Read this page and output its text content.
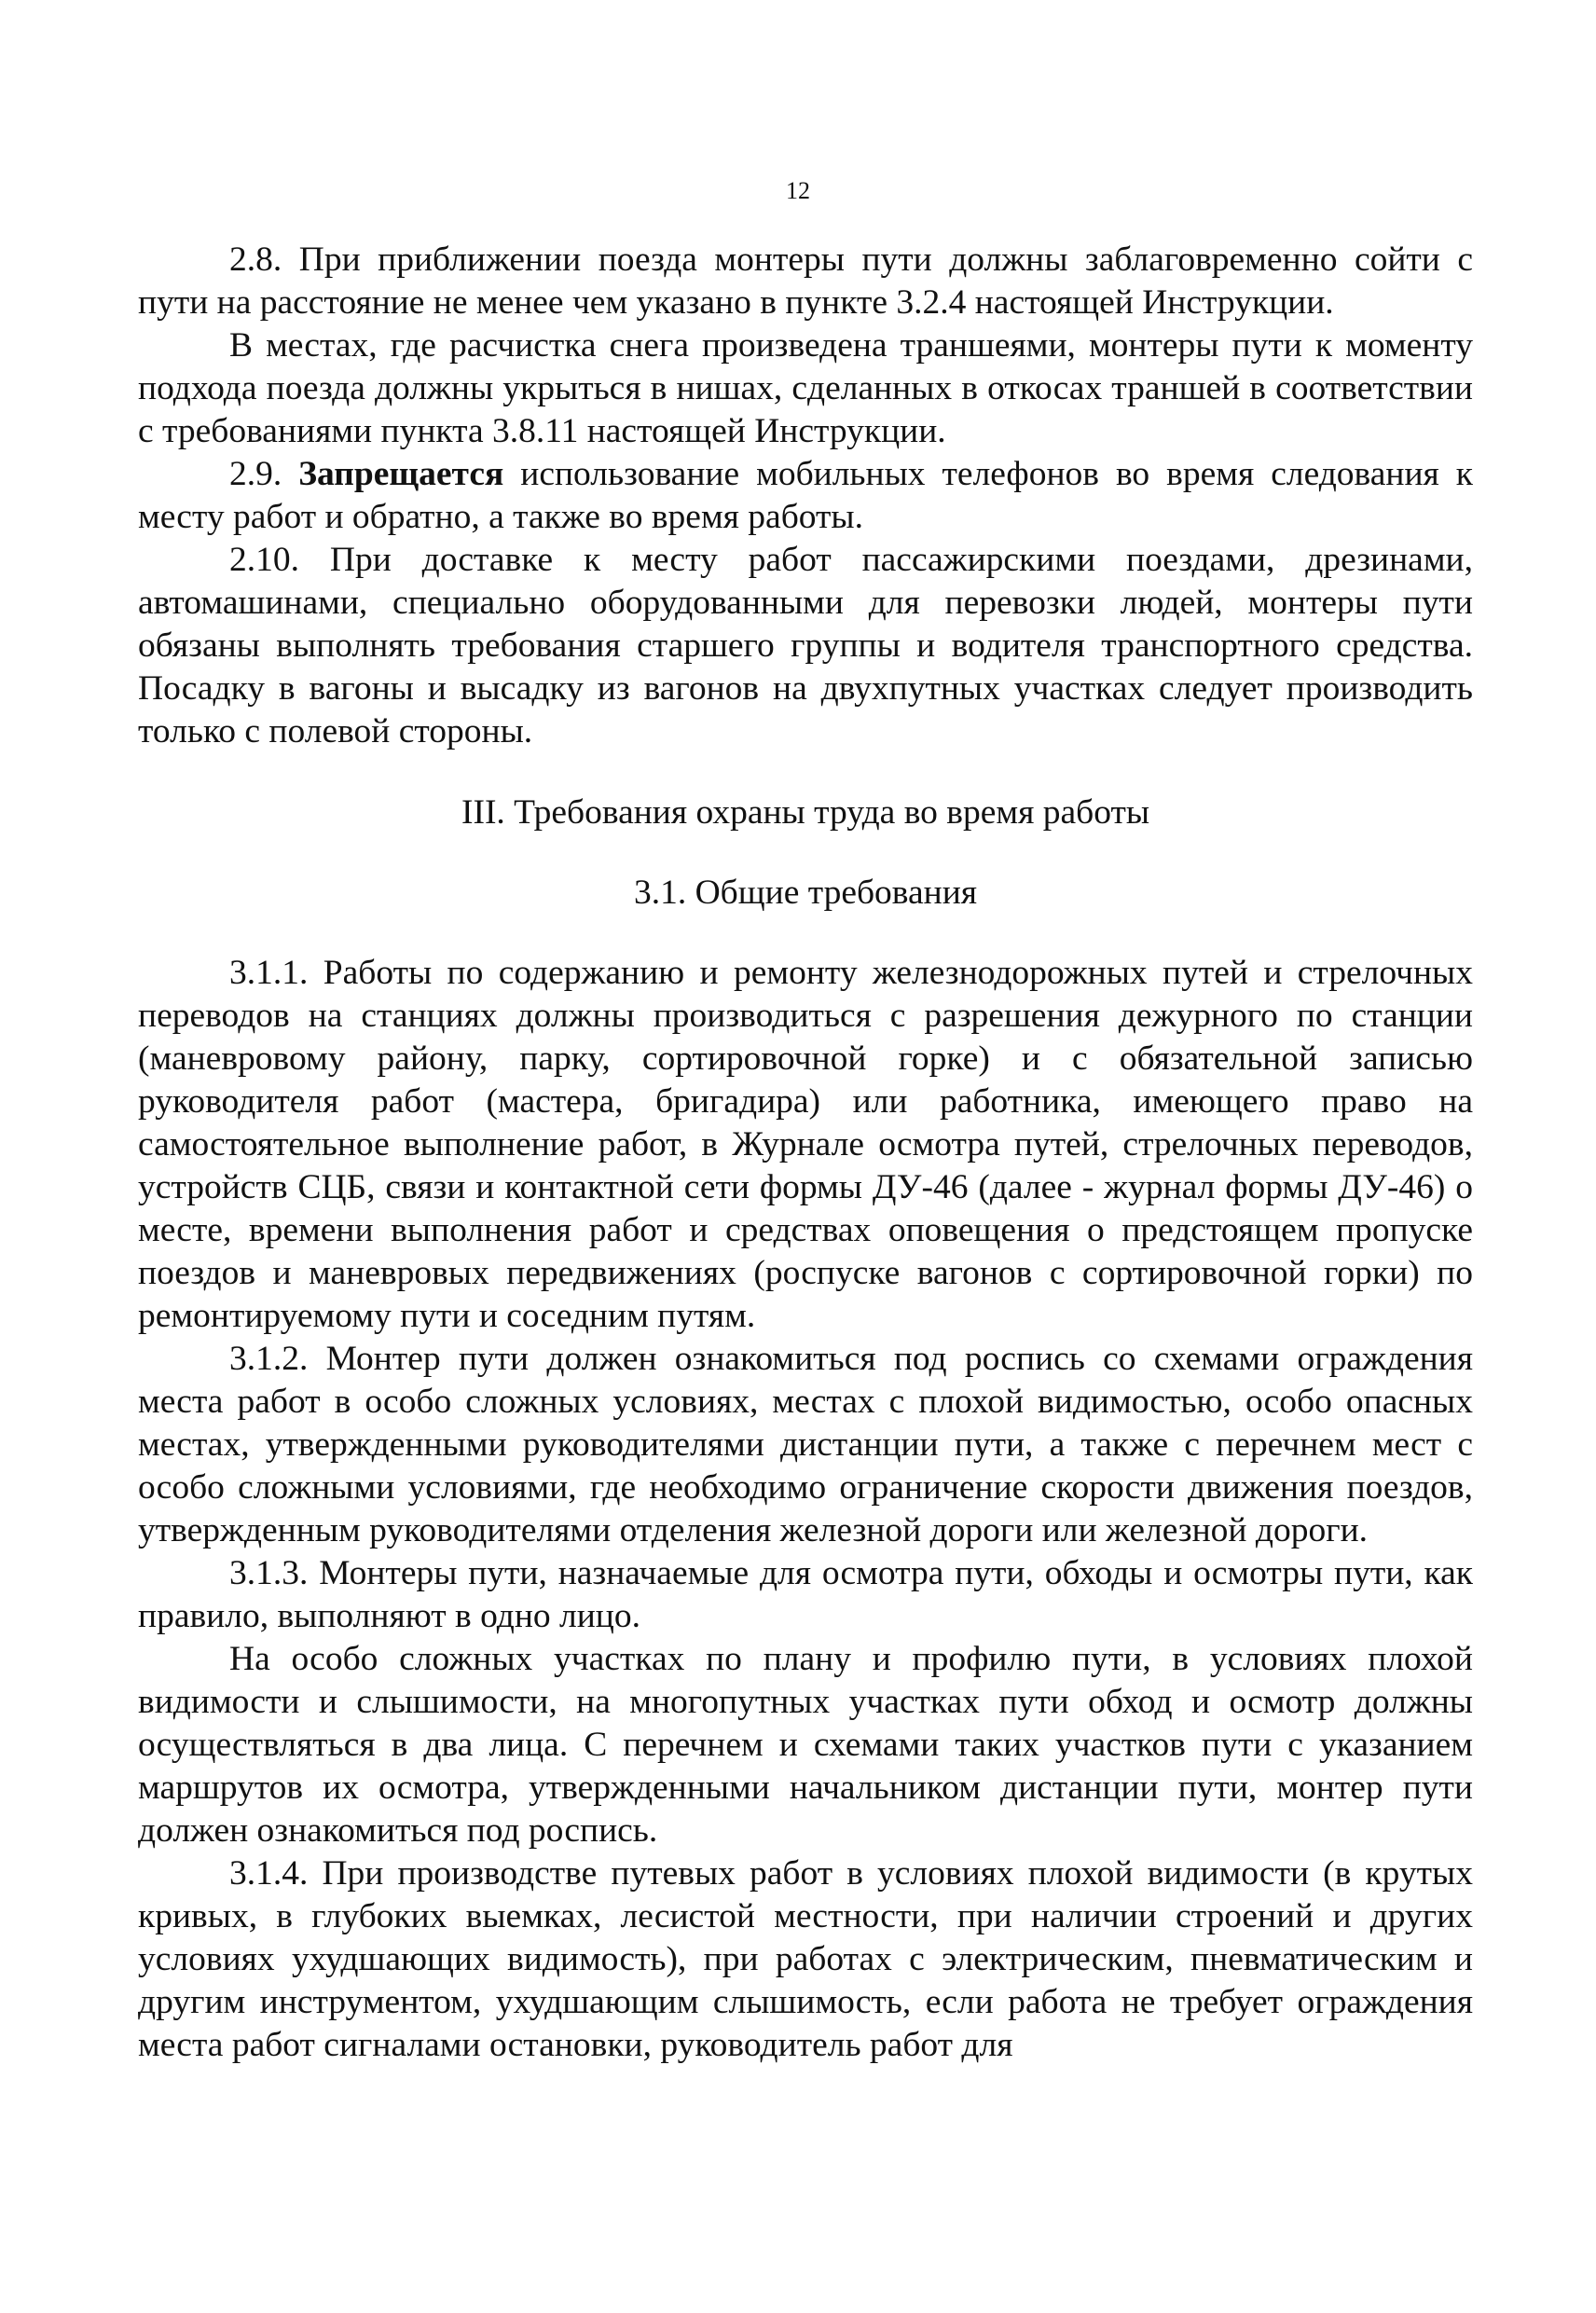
12

2.8. При приближении поезда монтеры пути должны заблаговременно сойти с пути на расстояние не менее чем указано в пункте 3.2.4 настоящей Инструкции.

В местах, где расчистка снега произведена траншеями, монтеры пути к моменту подхода поезда должны укрыться в нишах, сделанных в откосах траншей в соответствии с требованиями пункта 3.8.11 настоящей Инструкции.

2.9. Запрещается использование мобильных телефонов во время следования к месту работ и обратно, а также во время работы.

2.10. При доставке к месту работ пассажирскими поездами, дрезинами, автомашинами, специально оборудованными для перевозки людей, монтеры пути обязаны выполнять требования старшего группы и водителя транспортного средства. Посадку в вагоны и высадку из вагонов на двухпутных участках следует производить только с полевой стороны.

III. Требования охраны труда во время работы
3.1. Общие требования

3.1.1. Работы по содержанию и ремонту железнодорожных путей и стрелочных переводов на станциях должны производиться с разрешения дежурного по станции (маневровому району, парку, сортировочной горке) и с обязательной записью руководителя работ (мастера, бригадира) или работника, имеющего право на самостоятельное выполнение работ, в Журнале осмотра путей, стрелочных переводов, устройств СЦБ, связи и контактной сети формы ДУ-46 (далее - журнал формы ДУ-46) о месте, времени выполнения работ и средствах оповещения о предстоящем пропуске поездов и маневровых передвижениях (роспуске вагонов с сортировочной горки) по ремонтируемому пути и соседним путям.

3.1.2. Монтер пути должен ознакомиться под роспись со схемами ограждения места работ в особо сложных условиях, местах с плохой видимостью, особо опасных местах, утвержденными руководителями дистанции пути, а также с перечнем мест с особо сложными условиями, где необходимо ограничение скорости движения поездов, утвержденным руководителями отделения железной дороги или железной дороги.

3.1.3. Монтеры пути, назначаемые для осмотра пути, обходы и осмотры пути, как правило, выполняют в одно лицо.

На особо сложных участках по плану и профилю пути, в условиях плохой видимости и слышимости, на многопутных участках пути обход и осмотр должны осуществляться в два лица. С перечнем и схемами таких участков пути с указанием маршрутов их осмотра, утвержденными начальником дистанции пути, монтер пути должен ознакомиться под роспись.

3.1.4. При производстве путевых работ в условиях плохой видимости (в крутых кривых, в глубоких выемках, лесистой местности, при наличии строений и других условиях ухудшающих видимость), при работах с электрическим, пневматическим и другим инструментом, ухудшающим слышимость, если работа не требует ограждения места работ сигналами остановки, руководитель работ для
